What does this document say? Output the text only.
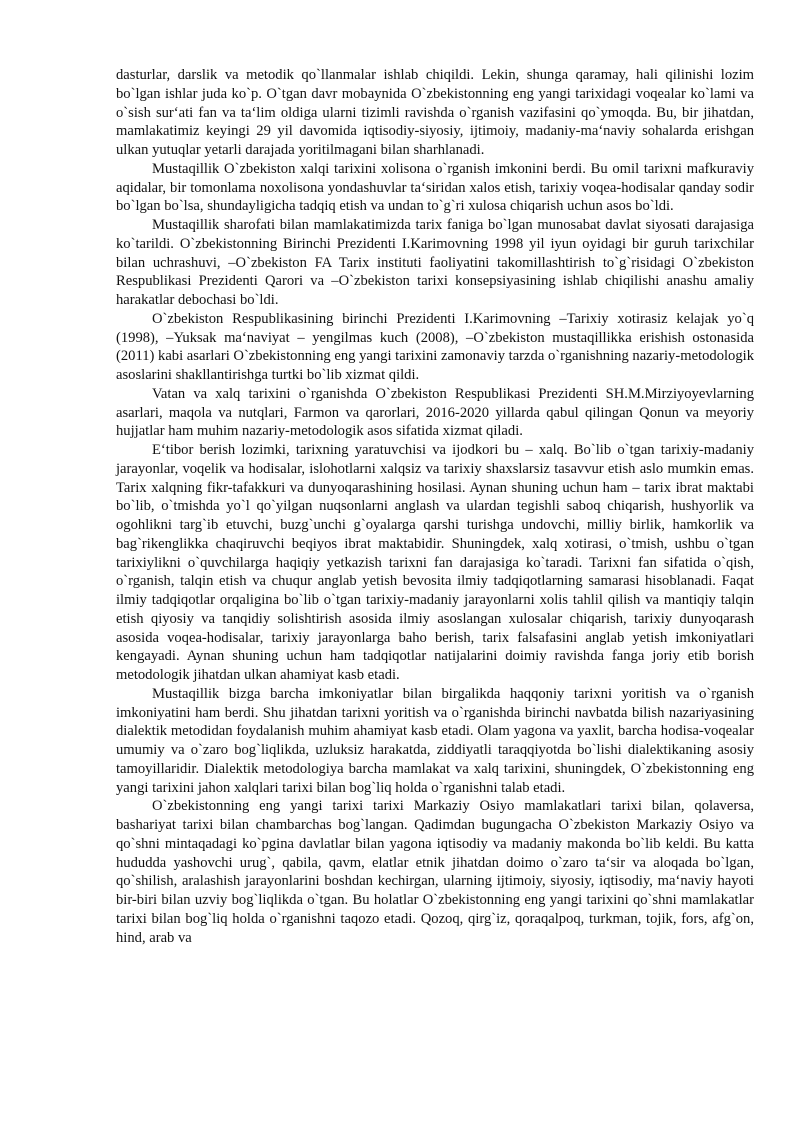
dasturlar, darslik va metodik qo`llanmalar ishlab chiqildi. Lekin, shunga qaramay, hali qilinishi lozim bo`lgan ishlar juda ko`p. O`tgan davr mobaynida O`zbekistonning eng yangi tarixidagi voqealar ko`lami va o`sish sur‘ati fan va ta‘lim oldiga ularni tizimli ravishda o`rganish vazifasini qo`ymoqda. Bu, bir jihatdan, mamlakatimiz keyingi 29 yil davomida iqtisodiy-siyosiy, ijtimoiy, madaniy-ma‘naviy sohalarda erishgan ulkan yutuqlar yetarli darajada yoritilmagani bilan sharhlanadi.

Mustaqillik O`zbekiston xalqi tarixini xolisona o`rganish imkonini berdi. Bu omil tarixni mafkuraviy aqidalar, bir tomonlama noxolisona yondashuvlar ta‘siridan xalos etish, tarixiy voqea-hodisalar qanday sodir bo`lgan bo`lsa, shundayligicha tadqiq etish va undan to`g`ri xulosa chiqarish uchun asos bo`ldi.

Mustaqillik sharofati bilan mamlakatimizda tarix faniga bo`lgan munosabat davlat siyosati darajasiga ko`tarildi. O`zbekistonning Birinchi Prezidenti I.Karimovning 1998 yil iyun oyidagi bir guruh tarixchilar bilan uchrashuvi, –O`zbekiston FA Tarix instituti faoliyatini takomillashtirish to`g`risidagi O`zbekiston Respublikasi Prezidenti Qarori va –O`zbekiston tarixi konsepsiyasining ishlab chiqilishi anashu amaliy harakatlar debochasi bo`ldi.

O`zbekiston Respublikasining birinchi Prezidenti I.Karimovning –Tarixiy xotirasiz kelajak yo`q (1998), –Yuksak ma‘naviyat – yengilmas kuch (2008), –O`zbekiston mustaqillikka erishish ostonasida (2011) kabi asarlari O`zbekistonning eng yangi tarixini zamonaviy tarzda o`rganishning nazariy-metodologik asoslarini shakllantirishga turtki bo`lib xizmat qildi.

Vatan va xalq tarixini o`rganishda O`zbekiston Respublikasi Prezidenti SH.M.Mirziyoyevlarning asarlari, maqola va nutqlari, Farmon va qarorlari, 2016-2020 yillarda qabul qilingan Qonun va meyoriy hujjatlar ham muhim nazariy-metodologik asos sifatida xizmat qiladi.

E‘tibor berish lozimki, tarixning yaratuvchisi va ijodkori bu – xalq. Bo`lib o`tgan tarixiy-madaniy jarayonlar, voqelik va hodisalar, islohotlarni xalqsiz va tarixiy shaxslarsiz tasavvur etish aslo mumkin emas. Tarix xalqning fikr-tafakkuri va dunyoqarashining hosilasi. Aynan shuning uchun ham – tarix ibrat maktabi bo`lib, o`tmishda yo`l qo`yilgan nuqsonlarni anglash va ulardan tegishli saboq chiqarish, hushyorlik va ogohlikni targ`ib etuvchi, buzg`unchi g`oyalarga qarshi turishga undovchi, milliy birlik, hamkorlik va bag`rikenglikka chaqiruvchi beqiyos ibrat maktabidir. Shuningdek, xalq xotirasi, o`tmish, ushbu o`tgan tarixiylikni o`quvchilarga haqiqiy yetkazish tarixni fan darajasiga ko`taradi. Tarixni fan sifatida o`qish, o`rganish, talqin etish va chuqur anglab yetish bevosita ilmiy tadqiqotlarning samarasi hisoblanadi. Faqat ilmiy tadqiqotlar orqaligina bo`lib o`tgan tarixiy-madaniy jarayonlarni xolis tahlil qilish va mantiqiy talqin etish qiyosiy va tanqidiy solishtirish asosida ilmiy asoslangan xulosalar chiqarish, tarixiy dunyoqarash asosida voqea-hodisalar, tarixiy jarayonlarga baho berish, tarix falsafasini anglab yetish imkoniyatlari kengayadi. Aynan shuning uchun ham tadqiqotlar natijalarini doimiy ravishda fanga joriy etib borish metodologik jihatdan ulkan ahamiyat kasb etadi.

Mustaqillik bizga barcha imkoniyatlar bilan birgalikda haqqoniy tarixni yoritish va o`rganish imkoniyatini ham berdi. Shu jihatdan tarixni yoritish va o`rganishda birinchi navbatda bilish nazariyasining dialektik metodidan foydalanish muhim ahamiyat kasb etadi. Olam yagona va yaxlit, barcha hodisa-voqealar umumiy va o`zaro bog`liqlikda, uzluksiz harakatda, ziddiyatli taraqqiyotda bo`lishi dialektikaning asosiy tamoyillaridir. Dialektik metodologiya barcha mamlakat va xalq tarixini, shuningdek, O`zbekistonning eng yangi tarixini jahon xalqlari tarixi bilan bog`liq holda o`rganishni talab etadi.

O`zbekistonning eng yangi tarixi tarixi Markaziy Osiyo mamlakatlari tarixi bilan, qolaversa, bashariyat tarixi bilan chambarchas bog`langan. Qadimdan bugungacha O`zbekiston Markaziy Osiyo va qo`shni mintaqadagi ko`pgina davlatlar bilan yagona iqtisodiy va madaniy makonda bo`lib keldi. Bu katta hududda yashovchi urug`, qabila, qavm, elatlar etnik jihatdan doimo o`zaro ta‘sir va aloqada bo`lgan, qo`shilish, aralashish jarayonlarini boshdan kechirgan, ularning ijtimoiy, siyosiy, iqtisodiy, ma‘naviy hayoti bir-biri bilan uzviy bog`liqlikda o`tgan. Bu holatlar O`zbekistonning eng yangi tarixini qo`shni mamlakatlar tarixi bilan bog`liq holda o`rganishni taqozo etadi. Qozoq, qirg`iz, qoraqalpoq, turkman, tojik, fors, afg`on, hind, arab va
